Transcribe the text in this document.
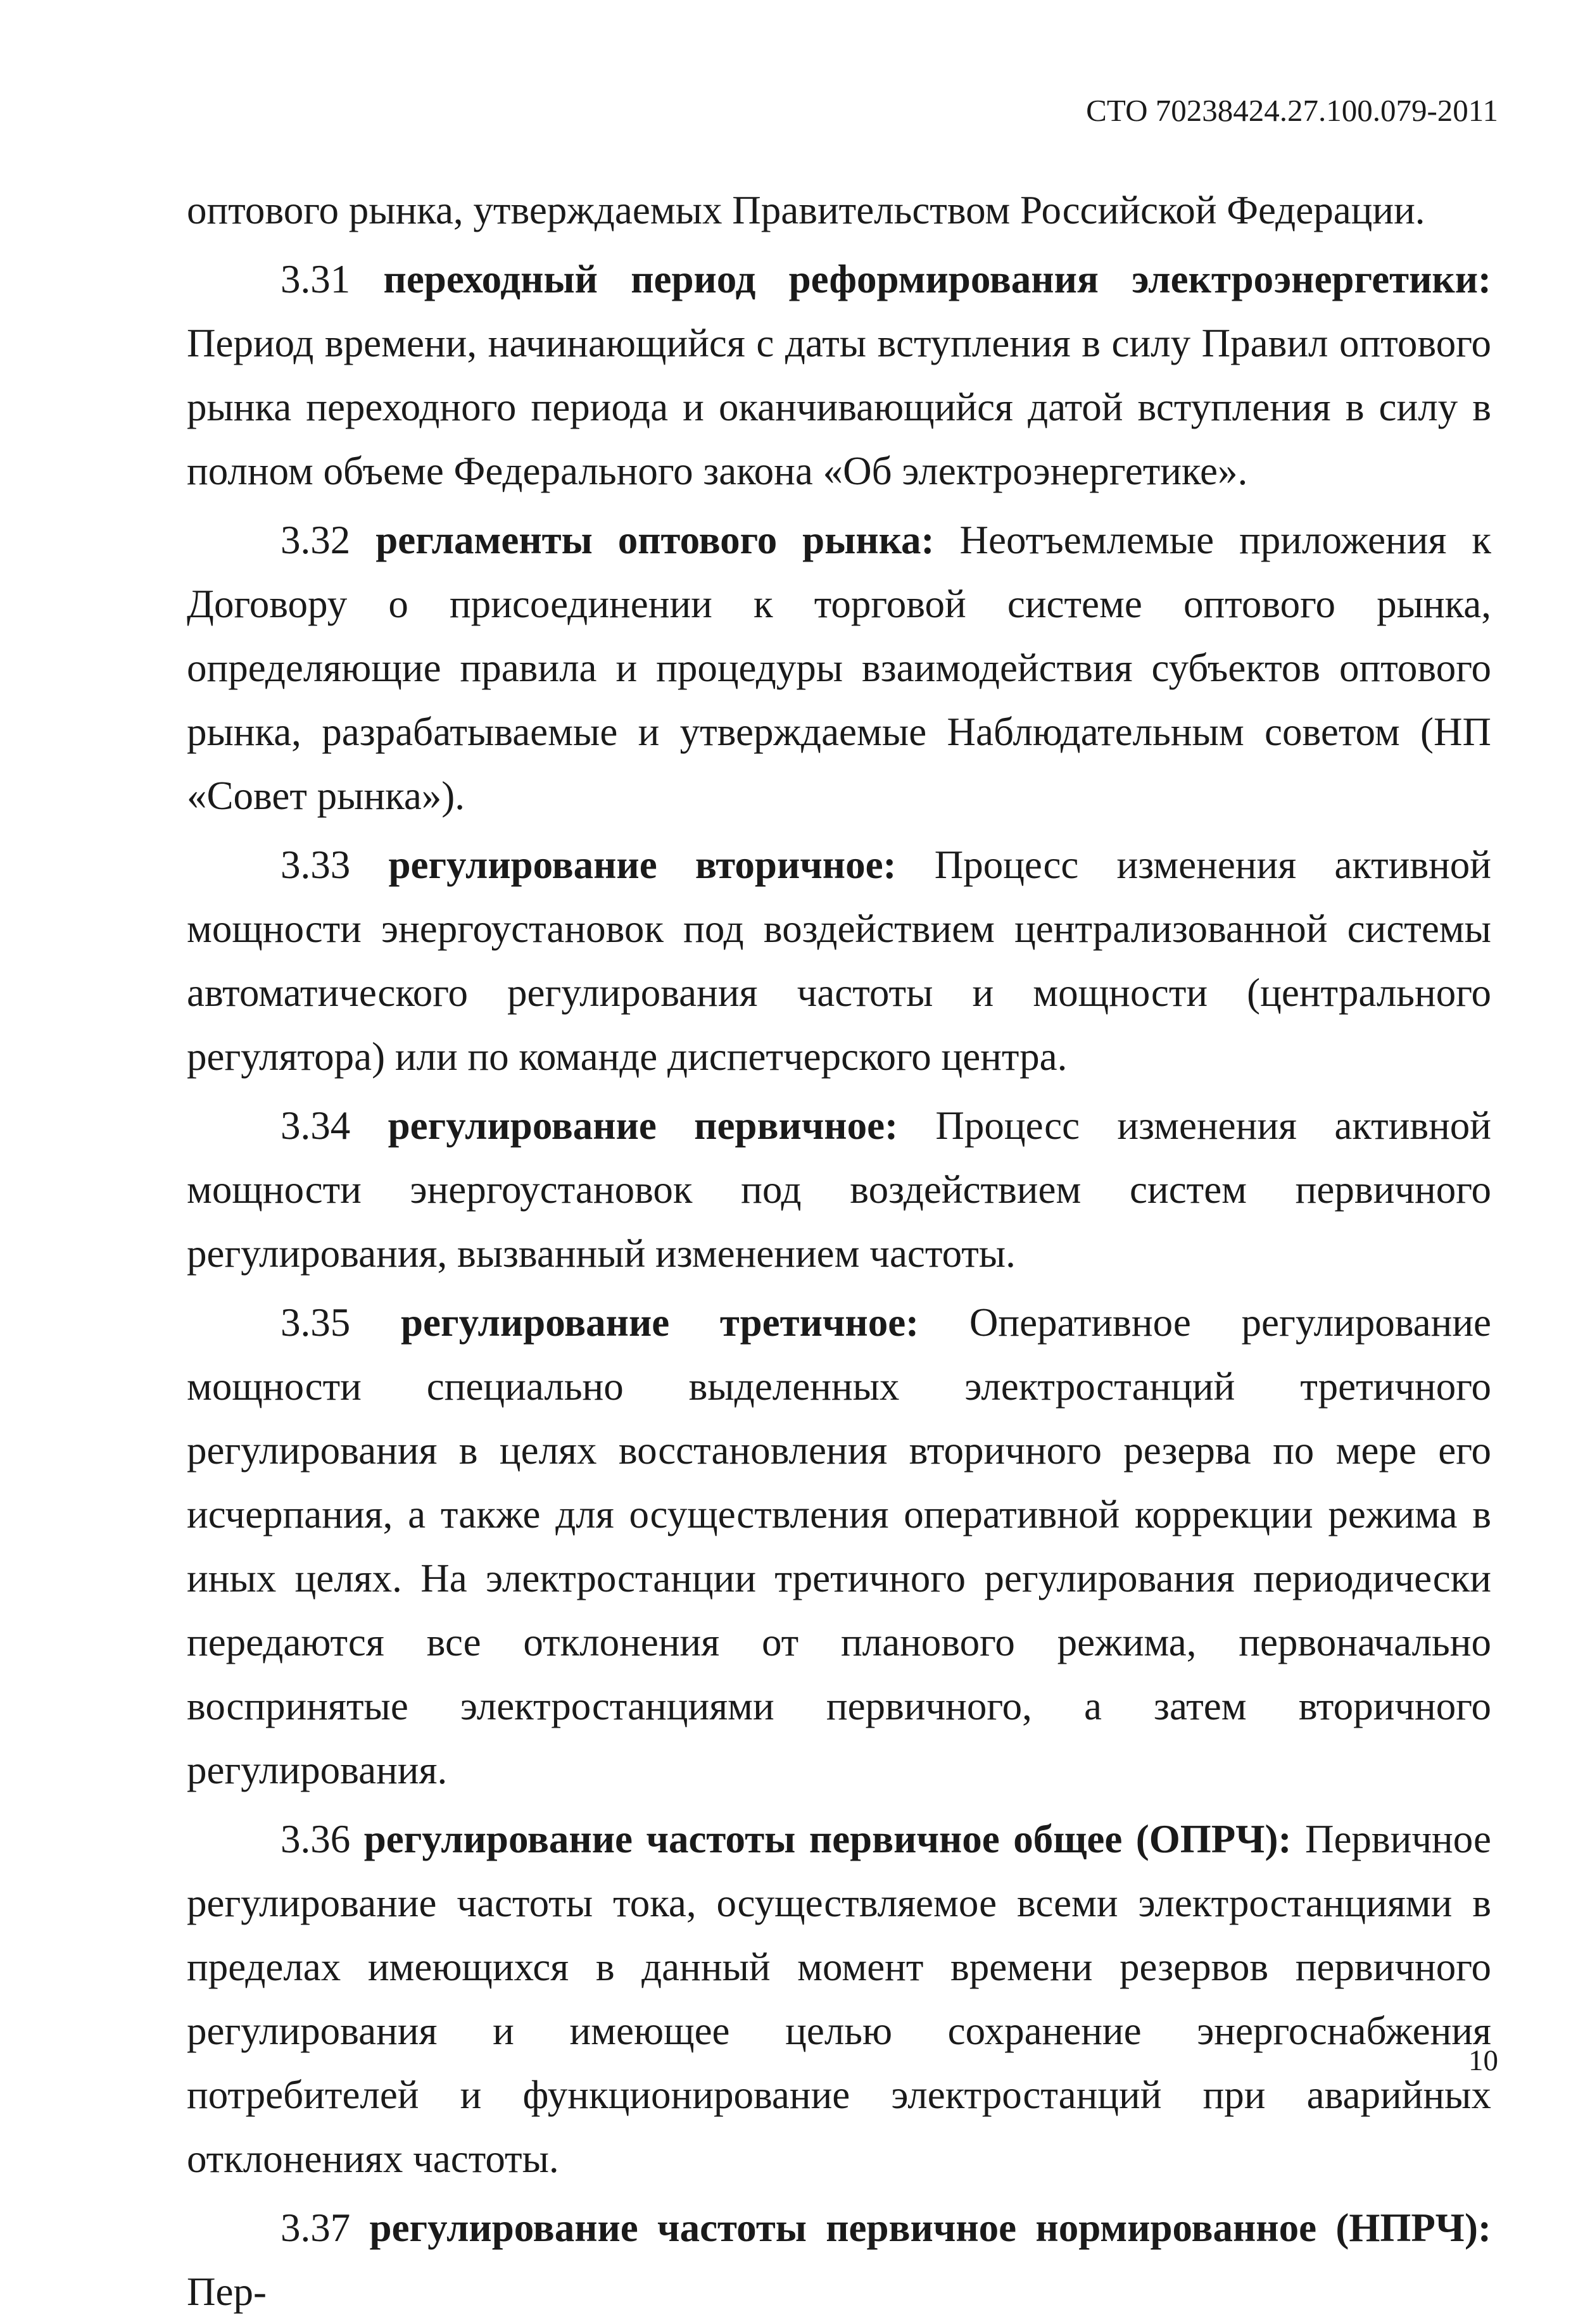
СТО 70238424.27.100.079-2011

оптового рынка, утверждаемых Правительством Российской Федерации.

3.31 переходный период реформирования электроэнергетики: Период времени, начинающийся с даты вступления в силу Правил оптового рынка переходного периода и оканчивающийся датой вступления в силу в полном объеме Федерального закона «Об электроэнергетике».

3.32 регламенты оптового рынка: Неотъемлемые приложения к Договору о присоединении к торговой системе оптового рынка, определяющие правила и процедуры взаимодействия субъектов оптового рынка, разрабатываемые и утверждаемые Наблюдательным советом (НП «Совет рынка»).

3.33 регулирование вторичное: Процесс изменения активной мощности энергоустановок под воздействием централизованной системы автоматического регулирования частоты и мощности (центрального регулятора) или по команде диспетчерского центра.

3.34 регулирование первичное: Процесс изменения активной мощности энергоустановок под воздействием систем первичного регулирования, вызванный изменением частоты.

3.35 регулирование третичное: Оперативное регулирование мощности специально выделенных электростанций третичного регулирования в целях восстановления вторичного резерва по мере его исчерпания, а также для осуществления оперативной коррекции режима в иных целях. На электростанции третичного регулирования периодически передаются все отклонения от планового режима, первоначально воспринятые электростанциями первичного, а затем вторичного регулирования.

3.36 регулирование частоты первичное общее (ОПРЧ): Первичное регулирование частоты тока, осуществляемое всеми электростанциями в пределах имеющихся в данный момент времени резервов первичного регулирования и имеющее целью сохранение энергоснабжения потребителей и функционирование электростанций при аварийных отклонениях частоты.

3.37 регулирование частоты первичное нормированное (НПРЧ): Пер-

10
